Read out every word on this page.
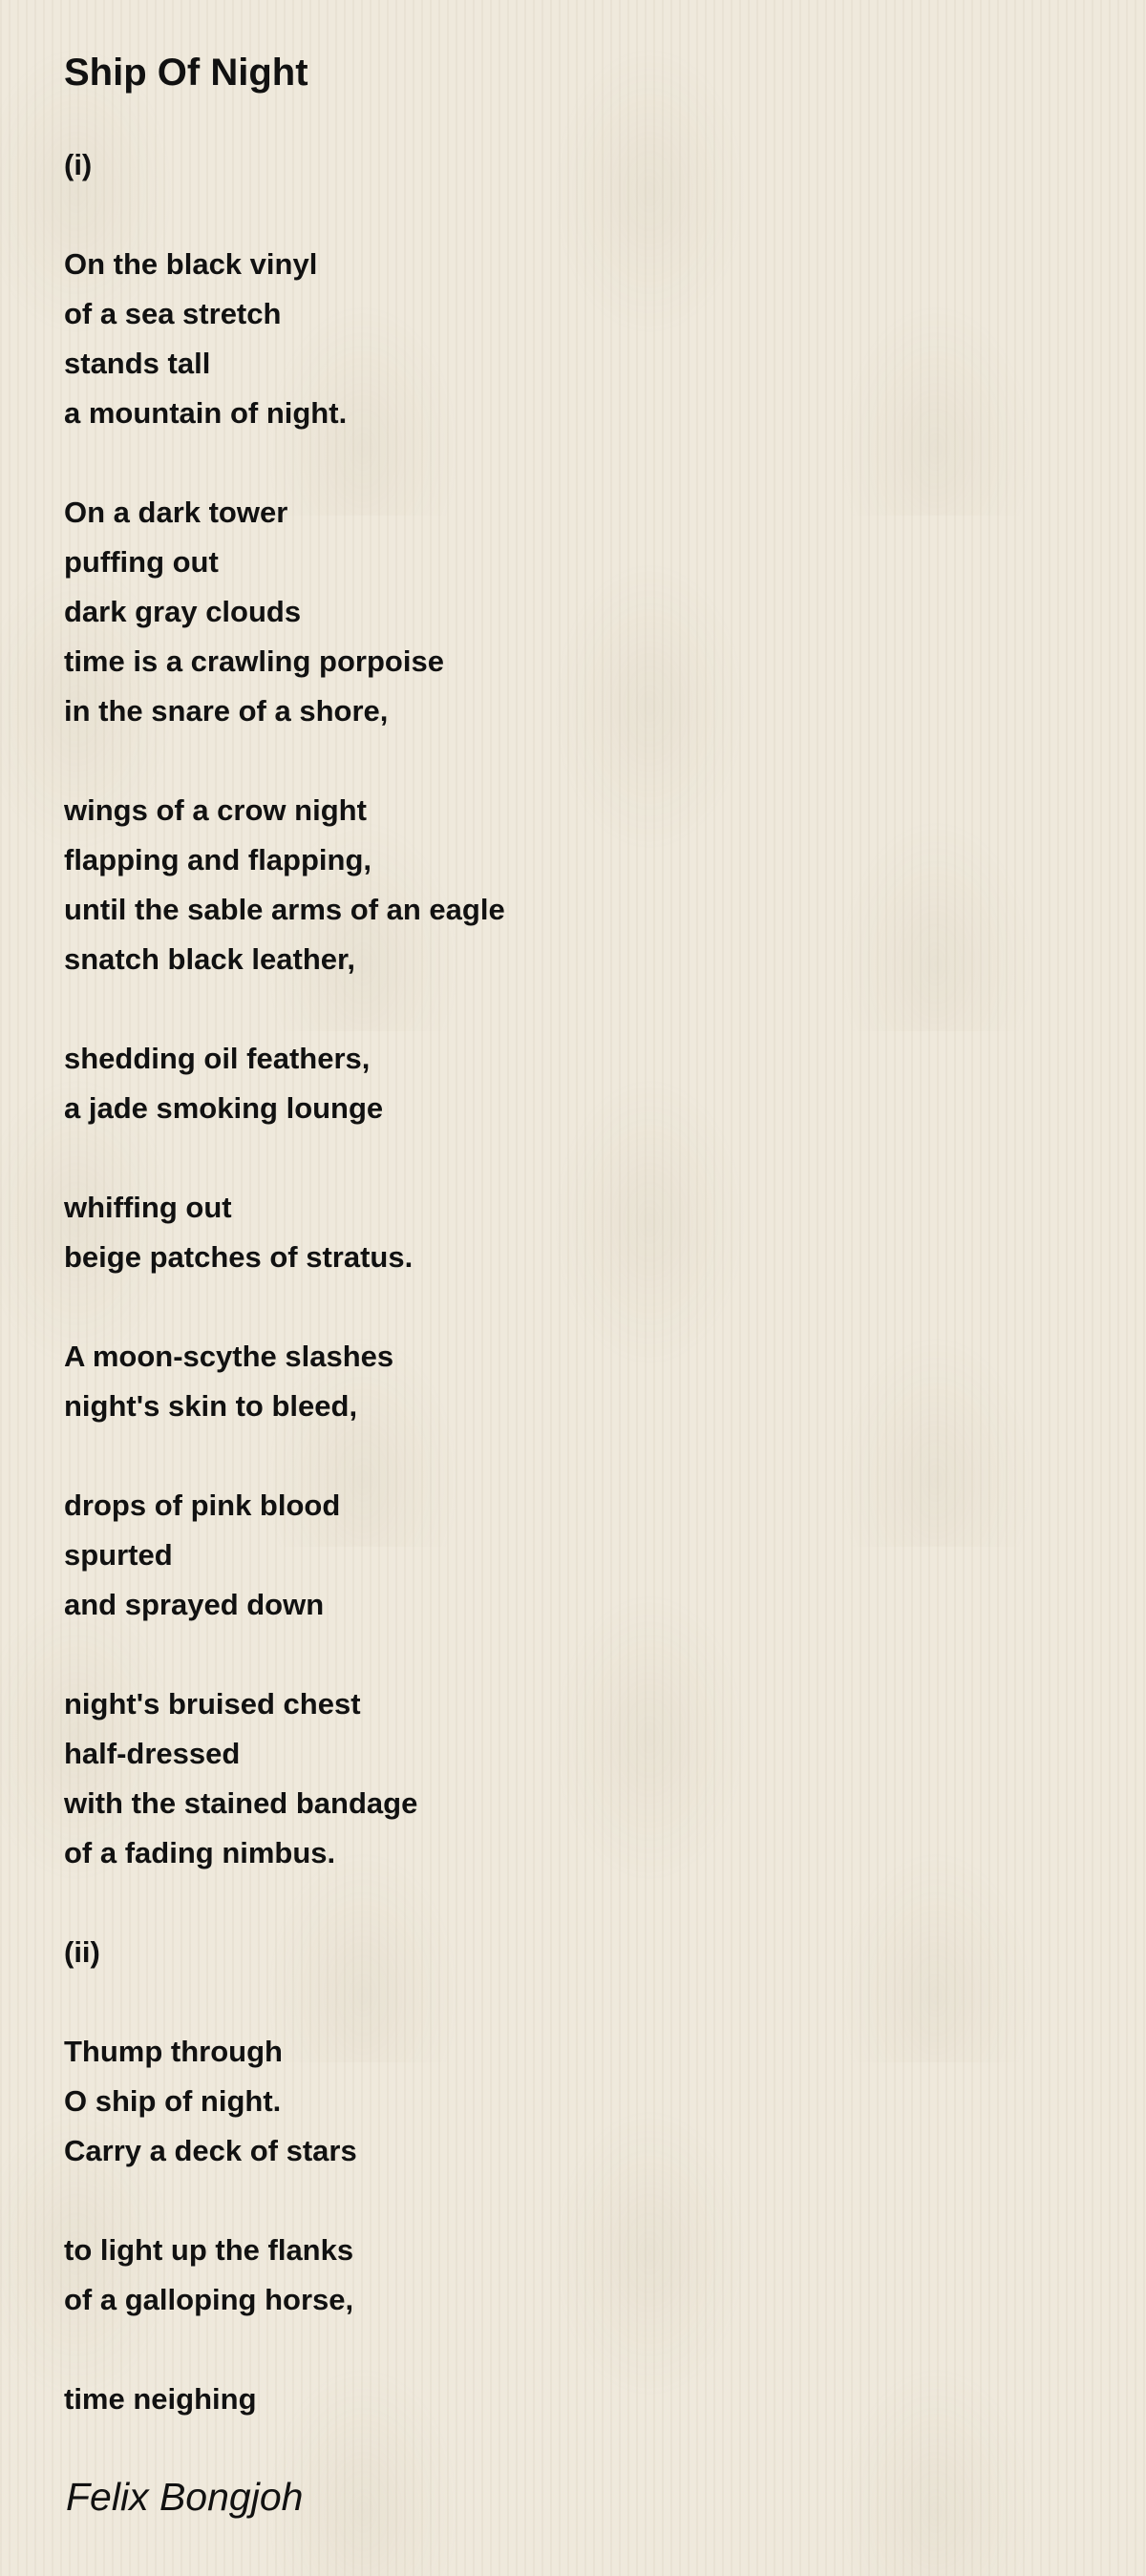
Ship Of Night
(i)
On the black vinyl
of a sea stretch
stands tall
a mountain of night.
On a dark tower
puffing out
dark gray clouds
time is a crawling porpoise
in the snare of a shore,
wings of a crow night
flapping and flapping,
until the sable arms of an eagle
snatch black leather,
shedding oil feathers,
a jade smoking lounge
whiffing out
beige patches of stratus.
A moon-scythe slashes
night's skin to bleed,
drops of pink blood
spurted
and sprayed down
night's bruised chest
half-dressed
with the stained bandage
of a fading nimbus.
(ii)
Thump through
O ship of night.
Carry a deck of stars
to light up the flanks
of a galloping horse,
time neighing
Felix Bongjoh
